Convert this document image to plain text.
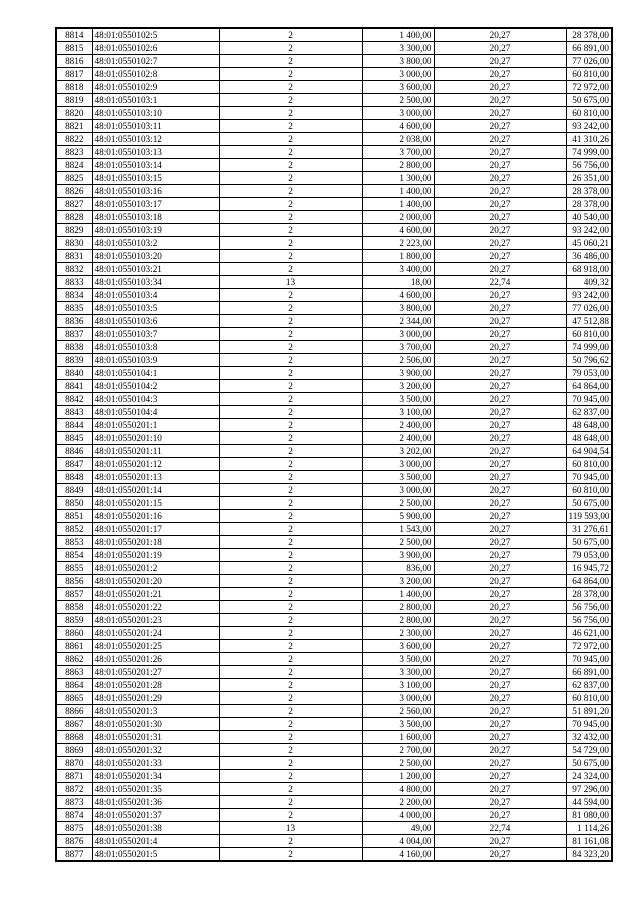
8814	48:01:0550102:5	2	1 400,00	20,27	28 378,00
8815	48:01:0550102:6	2	3 300,00	20,27	66 891,00
8816	48:01:0550102:7	2	3 800,00	20,27	77 026,00
8817	48:01:0550102:8	2	3 000,00	20,27	60 810,00
8818	48:01:0550102:9	2	3 600,00	20,27	72 972,00
8819	48:01:0550103:1	2	2 500,00	20,27	50 675,00
8820	48:01:0550103:10	2	3 000,00	20,27	60 810,00
8821	48:01:0550103:11	2	4 600,00	20,27	93 242,00
8822	48:01:0550103:12	2	2 038,00	20,27	41 310,26
8823	48:01:0550103:13	2	3 700,00	20,27	74 999,00
8824	48:01:0550103:14	2	2 800,00	20,27	56 756,00
8825	48:01:0550103:15	2	1 300,00	20,27	26 351,00
8826	48:01:0550103:16	2	1 400,00	20,27	28 378,00
8827	48:01:0550103:17	2	1 400,00	20,27	28 378,00
8828	48:01:0550103:18	2	2 000,00	20,27	40 540,00
8829	48:01:0550103:19	2	4 600,00	20,27	93 242,00
8830	48:01:0550103:2	2	2 223,00	20,27	45 060,21
8831	48:01:0550103:20	2	1 800,00	20,27	36 486,00
8832	48:01:0550103:21	2	3 400,00	20,27	68 918,00
8833	48:01:0550103:34	13	18,00	22,74	409,32
8834	48:01:0550103:4	2	4 600,00	20,27	93 242,00
8835	48:01:0550103:5	2	3 800,00	20,27	77 026,00
8836	48:01:0550103:6	2	2 344,00	20,27	47 512,88
8837	48:01:0550103:7	2	3 000,00	20,27	60 810,00
8838	48:01:0550103:8	2	3 700,00	20,27	74 999,00
8839	48:01:0550103:9	2	2 506,00	20,27	50 796,62
8840	48:01:0550104:1	2	3 900,00	20,27	79 053,00
8841	48:01:0550104:2	2	3 200,00	20,27	64 864,00
8842	48:01:0550104:3	2	3 500,00	20,27	70 945,00
8843	48:01:0550104:4	2	3 100,00	20,27	62 837,00
8844	48:01:0550201:1	2	2 400,00	20,27	48 648,00
8845	48:01:0550201:10	2	2 400,00	20,27	48 648,00
8846	48:01:0550201:11	2	3 202,00	20,27	64 904,54
8847	48:01:0550201:12	2	3 000,00	20,27	60 810,00
8848	48:01:0550201:13	2	3 500,00	20,27	70 945,00
8849	48:01:0550201:14	2	3 000,00	20,27	60 810,00
8850	48:01:0550201:15	2	2 500,00	20,27	50 675,00
8851	48:01:0550201:16	2	5 900,00	20,27	119 593,00
8852	48:01:0550201:17	2	1 543,00	20,27	31 276,61
8853	48:01:0550201:18	2	2 500,00	20,27	50 675,00
8854	48:01:0550201:19	2	3 900,00	20,27	79 053,00
8855	48:01:0550201:2	2	836,00	20,27	16 945,72
8856	48:01:0550201:20	2	3 200,00	20,27	64 864,00
8857	48:01:0550201:21	2	1 400,00	20,27	28 378,00
8858	48:01:0550201:22	2	2 800,00	20,27	56 756,00
8859	48:01:0550201:23	2	2 800,00	20,27	56 756,00
8860	48:01:0550201:24	2	2 300,00	20,27	46 621,00
8861	48:01:0550201:25	2	3 600,00	20,27	72 972,00
8862	48:01:0550201:26	2	3 500,00	20,27	70 945,00
8863	48:01:0550201:27	2	3 300,00	20,27	66 891,00
8864	48:01:0550201:28	2	3 100,00	20,27	62 837,00
8865	48:01:0550201:29	2	3 000,00	20,27	60 810,00
8866	48:01:0550201:3	2	2 560,00	20,27	51 891,20
8867	48:01:0550201:30	2	3 500,00	20,27	70 945,00
8868	48:01:0550201:31	2	1 600,00	20,27	32 432,00
8869	48:01:0550201:32	2	2 700,00	20,27	54 729,00
8870	48:01:0550201:33	2	2 500,00	20,27	50 675,00
8871	48:01:0550201:34	2	1 200,00	20,27	24 324,00
8872	48:01:0550201:35	2	4 800,00	20,27	97 296,00
8873	48:01:0550201:36	2	2 200,00	20,27	44 594,00
8874	48:01:0550201:37	2	4 000,00	20,27	81 080,00
8875	48:01:0550201:38	13	49,00	22,74	1 114,26
8876	48:01:0550201:4	2	4 004,00	20,27	81 161,08
8877	48:01:0550201:5	2	4 160,00	20,27	84 323,20
